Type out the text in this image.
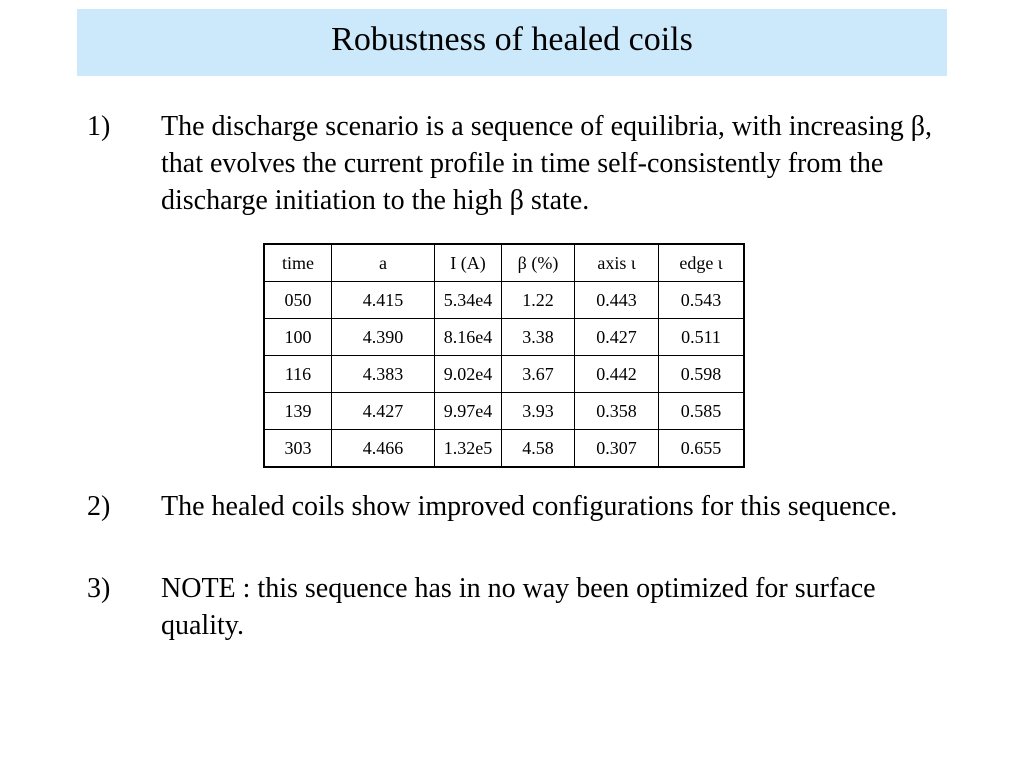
Robustness of healed coils
1) The discharge scenario is a sequence of equilibria, with increasing β, that evolves the current profile in time self-consistently from the discharge initiation to the high β state.
time	a	I (A)	β (%)	axis ι	edge ι
050	4.415	5.34e4	1.22	0.443	0.543
100	4.390	8.16e4	3.38	0.427	0.511
116	4.383	9.02e4	3.67	0.442	0.598
139	4.427	9.97e4	3.93	0.358	0.585
303	4.466	1.32e5	4.58	0.307	0.655
2) The healed coils show improved configurations for this sequence.
3) NOTE : this sequence has in no way been optimized for surface quality.
